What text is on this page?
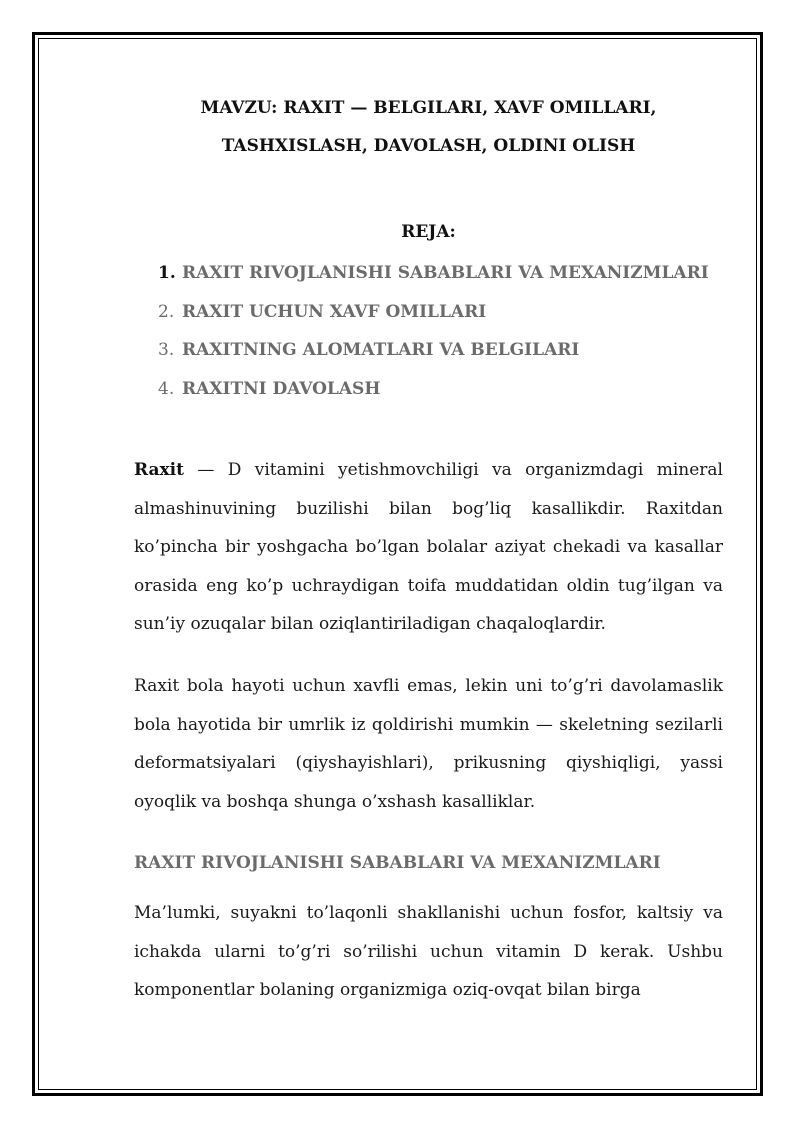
MAVZU: RAXIT — BELGILARI, XAVF OMILLARI,
TASHXISLASH, DAVOLASH, OLDINI OLISH
REJA:
1. RAXIT RIVOJLANISHI SABABLARI VA MEXANIZMLARI
2. RAXIT UCHUN XAVF OMILLARI
3. RAXITNING ALOMATLARI VA BELGILARI
4. RAXITNI DAVOLASH

Raxit — D vitamini yetishmovchiligi va organizmdagi mineral almashinuvining buzilishi bilan bog’liq kasallikdir. Raxitdan ko’pincha bir yoshgacha bo’lgan bolalar aziyat chekadi va kasallar orasida eng ko’p uchraydigan toifa muddatidan oldin tug’ilgan va sun’iy ozuqalar bilan oziqlantiriladigan chaqaloqlardir.

Raxit bola hayoti uchun xavfli emas, lekin uni to’g’ri davolamaslik bola hayotida bir umrlik iz qoldirishi mumkin — skeletning sezilarli deformatsiyalari (qiyshayishlari), prikusning qiyshiqligi, yassi oyoqlik va boshqa shunga o’xshash kasalliklar.

RAXIT RIVOJLANISHI SABABLARI VA MEXANIZMLARI

Ma’lumki, suyakni to’laqonli shakllanishi uchun fosfor, kaltsiy va ichakda ularni to’g’ri so’rilishi uchun vitamin D kerak. Ushbu komponentlar bolaning organizmiga oziq-ovqat bilan birga
